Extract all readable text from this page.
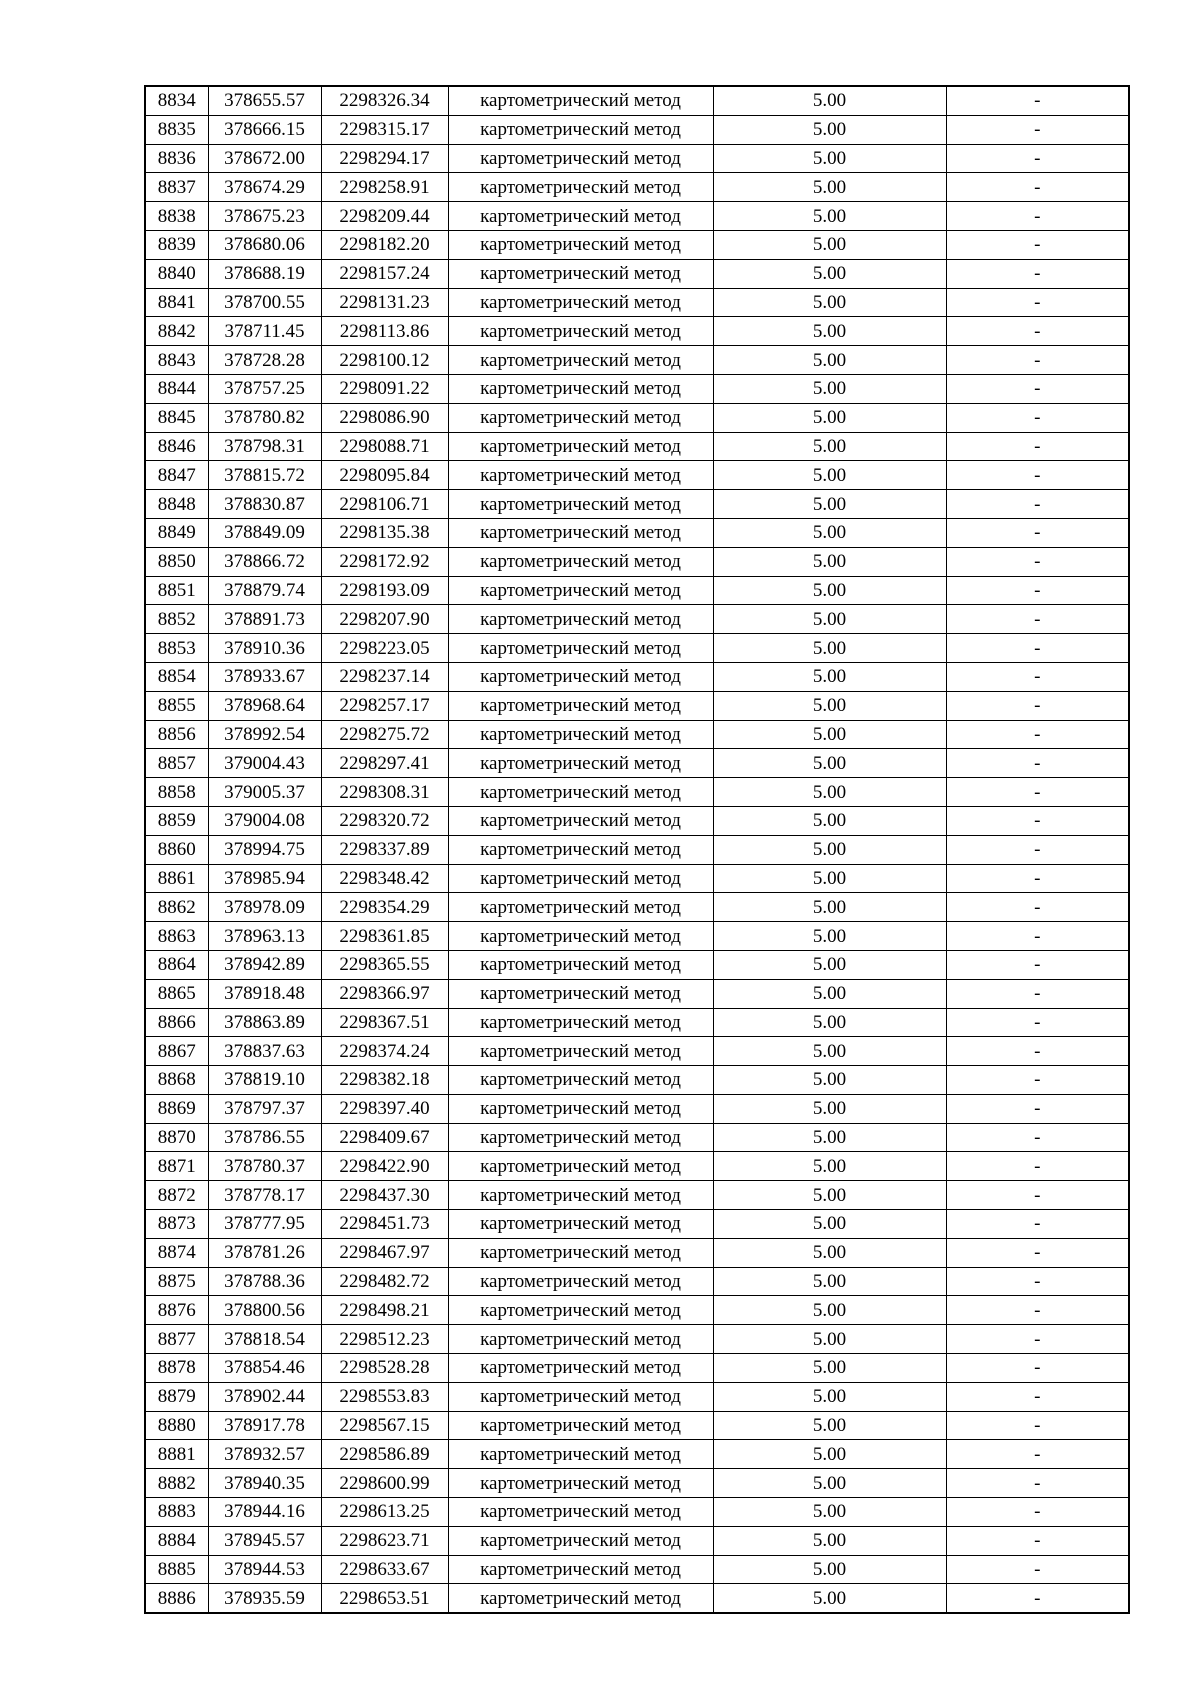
8834	378655.57	2298326.34	картометрический метод	5.00	-
8835	378666.15	2298315.17	картометрический метод	5.00	-
8836	378672.00	2298294.17	картометрический метод	5.00	-
8837	378674.29	2298258.91	картометрический метод	5.00	-
8838	378675.23	2298209.44	картометрический метод	5.00	-
8839	378680.06	2298182.20	картометрический метод	5.00	-
8840	378688.19	2298157.24	картометрический метод	5.00	-
8841	378700.55	2298131.23	картометрический метод	5.00	-
8842	378711.45	2298113.86	картометрический метод	5.00	-
8843	378728.28	2298100.12	картометрический метод	5.00	-
8844	378757.25	2298091.22	картометрический метод	5.00	-
8845	378780.82	2298086.90	картометрический метод	5.00	-
8846	378798.31	2298088.71	картометрический метод	5.00	-
8847	378815.72	2298095.84	картометрический метод	5.00	-
8848	378830.87	2298106.71	картометрический метод	5.00	-
8849	378849.09	2298135.38	картометрический метод	5.00	-
8850	378866.72	2298172.92	картометрический метод	5.00	-
8851	378879.74	2298193.09	картометрический метод	5.00	-
8852	378891.73	2298207.90	картометрический метод	5.00	-
8853	378910.36	2298223.05	картометрический метод	5.00	-
8854	378933.67	2298237.14	картометрический метод	5.00	-
8855	378968.64	2298257.17	картометрический метод	5.00	-
8856	378992.54	2298275.72	картометрический метод	5.00	-
8857	379004.43	2298297.41	картометрический метод	5.00	-
8858	379005.37	2298308.31	картометрический метод	5.00	-
8859	379004.08	2298320.72	картометрический метод	5.00	-
8860	378994.75	2298337.89	картометрический метод	5.00	-
8861	378985.94	2298348.42	картометрический метод	5.00	-
8862	378978.09	2298354.29	картометрический метод	5.00	-
8863	378963.13	2298361.85	картометрический метод	5.00	-
8864	378942.89	2298365.55	картометрический метод	5.00	-
8865	378918.48	2298366.97	картометрический метод	5.00	-
8866	378863.89	2298367.51	картометрический метод	5.00	-
8867	378837.63	2298374.24	картометрический метод	5.00	-
8868	378819.10	2298382.18	картометрический метод	5.00	-
8869	378797.37	2298397.40	картометрический метод	5.00	-
8870	378786.55	2298409.67	картометрический метод	5.00	-
8871	378780.37	2298422.90	картометрический метод	5.00	-
8872	378778.17	2298437.30	картометрический метод	5.00	-
8873	378777.95	2298451.73	картометрический метод	5.00	-
8874	378781.26	2298467.97	картометрический метод	5.00	-
8875	378788.36	2298482.72	картометрический метод	5.00	-
8876	378800.56	2298498.21	картометрический метод	5.00	-
8877	378818.54	2298512.23	картометрический метод	5.00	-
8878	378854.46	2298528.28	картометрический метод	5.00	-
8879	378902.44	2298553.83	картометрический метод	5.00	-
8880	378917.78	2298567.15	картометрический метод	5.00	-
8881	378932.57	2298586.89	картометрический метод	5.00	-
8882	378940.35	2298600.99	картометрический метод	5.00	-
8883	378944.16	2298613.25	картометрический метод	5.00	-
8884	378945.57	2298623.71	картометрический метод	5.00	-
8885	378944.53	2298633.67	картометрический метод	5.00	-
8886	378935.59	2298653.51	картометрический метод	5.00	-
